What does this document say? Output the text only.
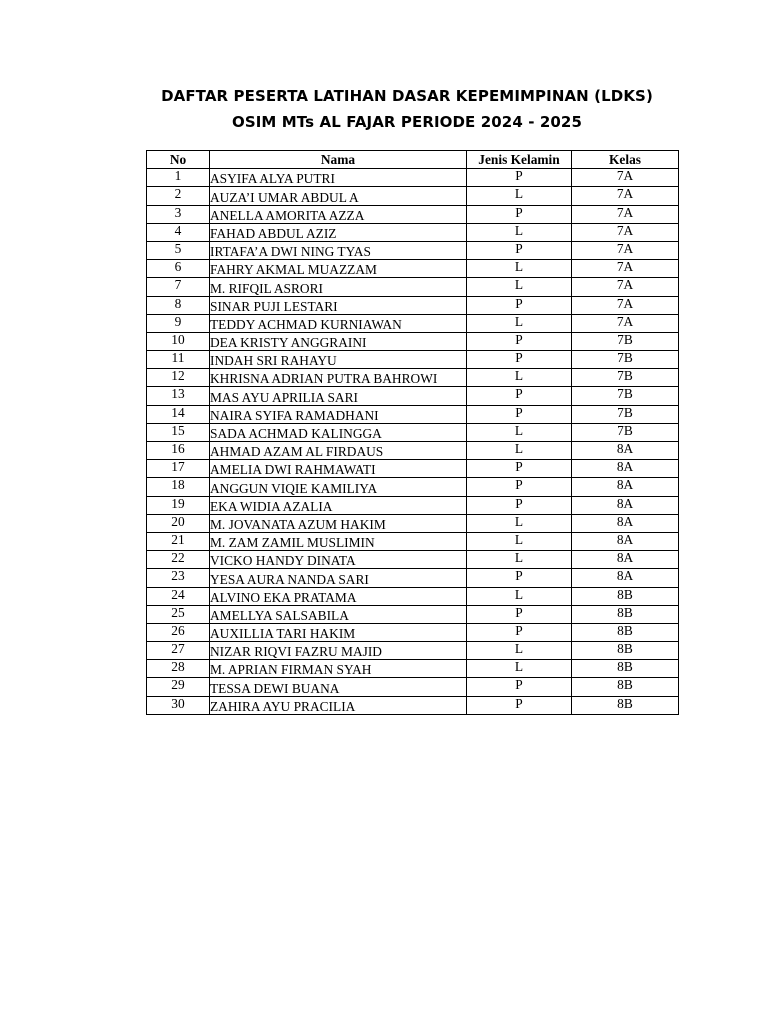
DAFTAR PESERTA LATIHAN DASAR KEPEMIMPINAN (LDKS)
OSIM MTs AL FAJAR PERIODE 2024 - 2025
No	Nama	Jenis Kelamin	Kelas
1	ASYIFA ALYA PUTRI	P	7A
2	AUZA’I UMAR ABDUL A	L	7A
3	ANELLA AMORITA AZZA	P	7A
4	FAHAD ABDUL AZIZ	L	7A
5	IRTAFA’A DWI NING TYAS	P	7A
6	FAHRY AKMAL MUAZZAM	L	7A
7	M. RIFQIL ASRORI	L	7A
8	SINAR PUJI LESTARI	P	7A
9	TEDDY ACHMAD KURNIAWAN	L	7A
10	DEA KRISTY ANGGRAINI	P	7B
11	INDAH SRI RAHAYU	P	7B
12	KHRISNA ADRIAN PUTRA BAHROWI	L	7B
13	MAS AYU APRILIA SARI	P	7B
14	NAIRA SYIFA RAMADHANI	P	7B
15	SADA ACHMAD KALINGGA	L	7B
16	AHMAD AZAM AL FIRDAUS	L	8A
17	AMELIA DWI RAHMAWATI	P	8A
18	ANGGUN VIQIE KAMILIYA	P	8A
19	EKA WIDIA AZALIA	P	8A
20	M. JOVANATA AZUM HAKIM	L	8A
21	M. ZAM ZAMIL MUSLIMIN	L	8A
22	VICKO HANDY DINATA	L	8A
23	YESA AURA NANDA SARI	P	8A
24	ALVINO EKA PRATAMA	L	8B
25	AMELLYA SALSABILA	P	8B
26	AUXILLIA TARI HAKIM	P	8B
27	NIZAR RIQVI FAZRU MAJID	L	8B
28	M. APRIAN FIRMAN SYAH	L	8B
29	TESSA DEWI BUANA	P	8B
30	ZAHIRA AYU PRACILIA	P	8B
